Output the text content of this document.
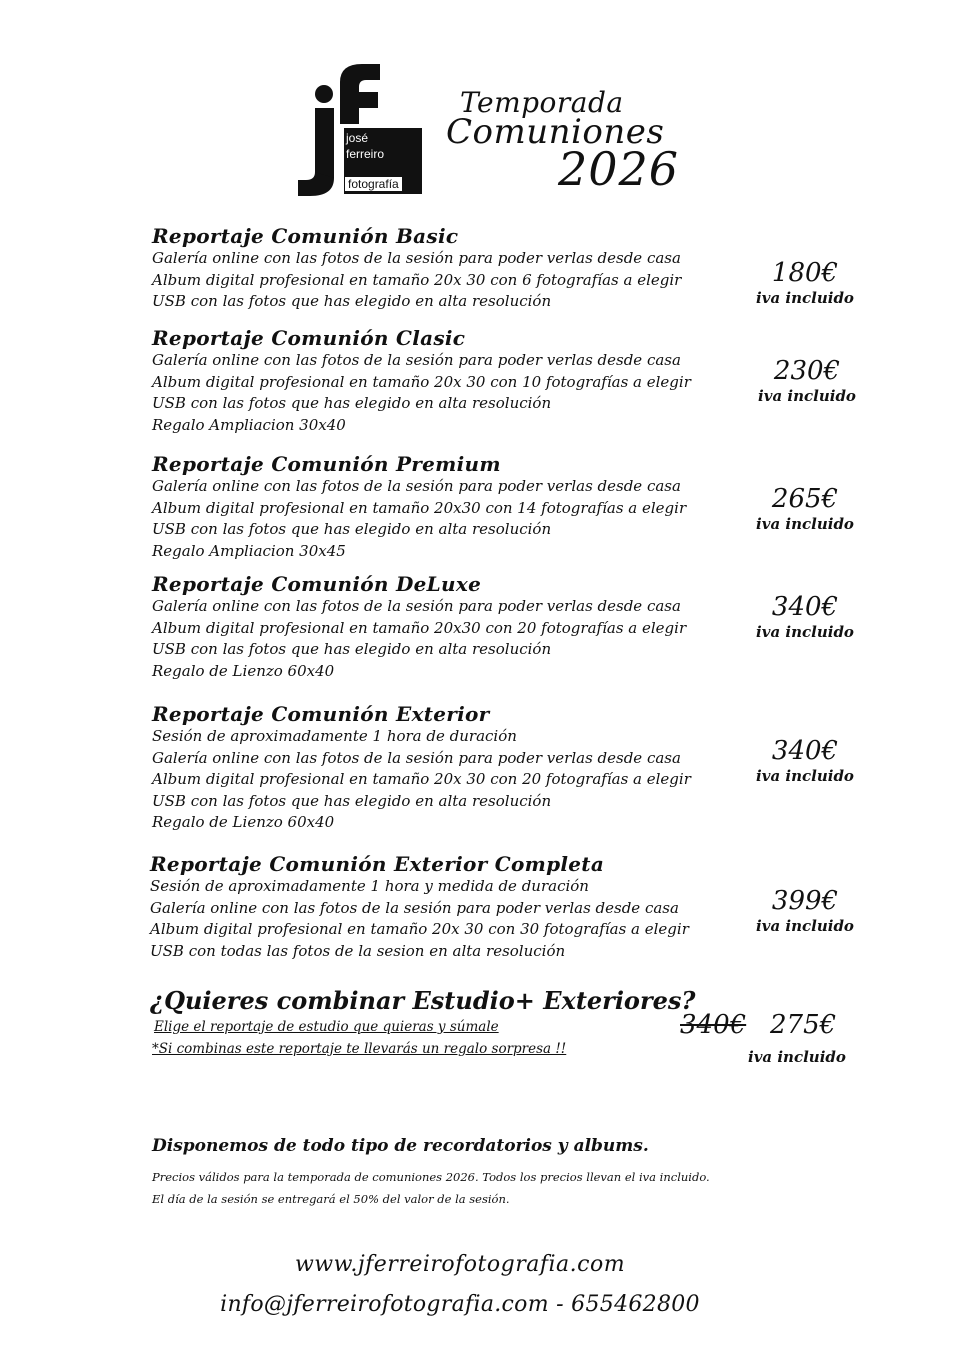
josé
ferreiro
fotografía
Temporada
Comuniones
2026
Reportaje Comunión Basic
Galería online con las fotos de la sesión para poder verlas desde casa
Album digital profesional en tamaño 20x 30 con 6 fotografías a elegir
USB con las fotos que has elegido en alta resolución
180€
iva incluido
Reportaje Comunión Clasic
Galería online con las fotos de la sesión para poder verlas desde casa
Album digital profesional en tamaño 20x 30 con 10 fotografías a elegir
USB con las fotos que has elegido en alta resolución
Regalo Ampliacion 30x40
230€
iva incluido
Reportaje Comunión Premium
Galería online con las fotos de la sesión para poder verlas desde casa
Album digital profesional en tamaño 20x30 con 14 fotografías a elegir
USB con las fotos que has elegido en alta resolución
Regalo Ampliacion 30x45
265€
iva incluido
Reportaje Comunión DeLuxe
Galería online con las fotos de la sesión para poder verlas desde casa
Album digital profesional en tamaño 20x30 con 20 fotografías a elegir
USB con las fotos que has elegido en alta resolución
Regalo de Lienzo 60x40
340€
iva incluido
Reportaje Comunión Exterior
Sesión de aproximadamente 1 hora de duración
Galería online con las fotos de la sesión para poder verlas desde casa
Album digital profesional en tamaño 20x 30 con 20 fotografías a elegir
USB con las fotos que has elegido en alta resolución
Regalo de Lienzo 60x40
340€
iva incluido
Reportaje Comunión Exterior Completa
Sesión de aproximadamente 1 hora y medida de duración
Galería online con las fotos de la sesión para poder verlas desde casa
Album digital profesional en tamaño 20x 30 con 30 fotografías a elegir
USB con todas las fotos de la sesion en alta resolución
399€
iva incluido
¿Quieres combinar Estudio+ Exteriores?
Elige el reportaje de estudio que quieras y súmale
*Si combinas este reportaje te llevarás un regalo sorpresa !!
340€ 275€
iva incluido
Disponemos de todo tipo de recordatorios y albums.
Precios válidos para la temporada de comuniones 2026. Todos los precios llevan el iva incluido.
El día de la sesión se entregará el 50% del valor de la sesión.
www.jferreirofotografia.com
info@jferreirofotografia.com - 655462800
